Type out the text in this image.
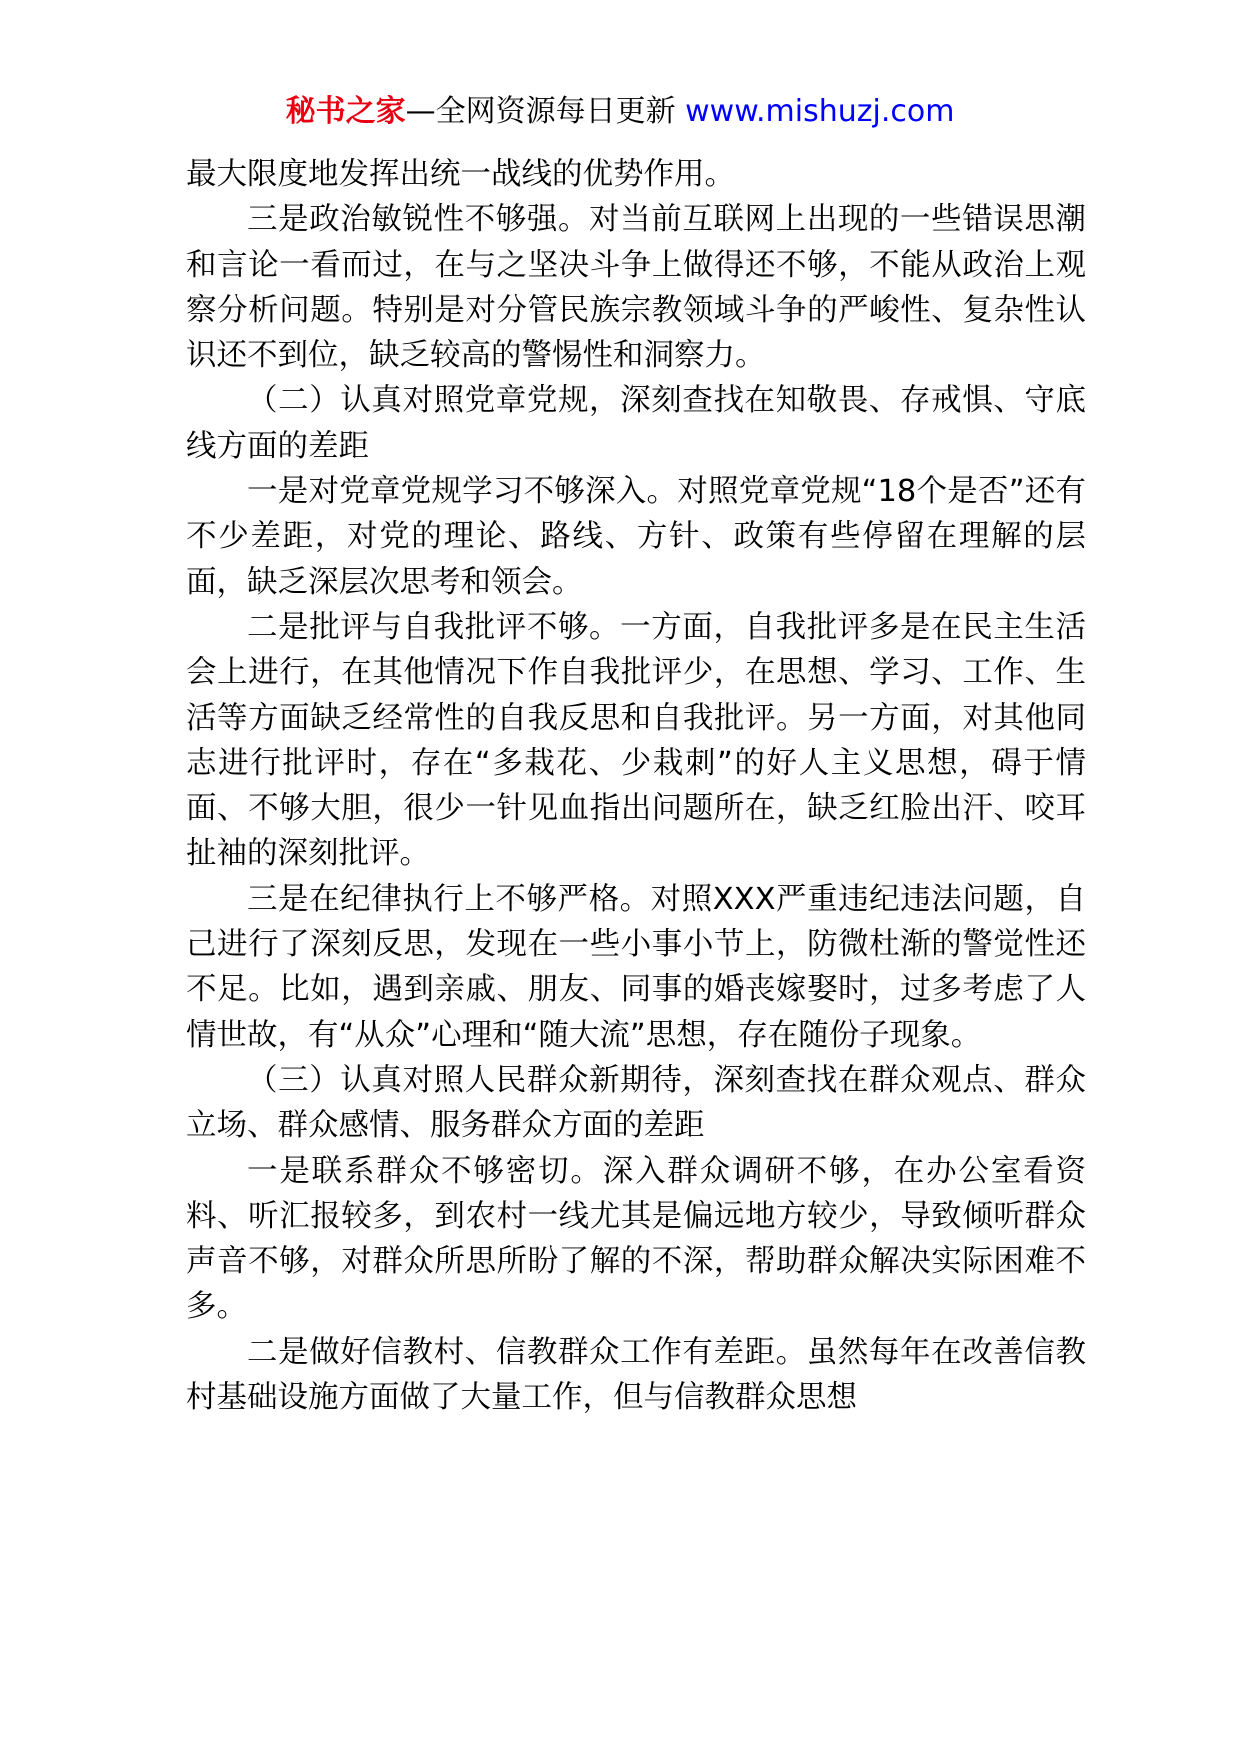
秘书之家—全网资源每日更新 www.mishuzj.com

最大限度地发挥出统一战线的优势作用。

三是政治敏锐性不够强。对当前互联网上出现的一些错误思潮和言论一看而过，在与之坚决斗争上做得还不够，不能从政治上观察分析问题。特别是对分管民族宗教领域斗争的严峻性、复杂性认识还不到位，缺乏较高的警惕性和洞察力。

（二）认真对照党章党规，深刻查找在知敬畏、存戒惧、守底线方面的差距

一是对党章党规学习不够深入。对照党章党规“18个是否”还有不少差距，对党的理论、路线、方针、政策有些停留在理解的层面，缺乏深层次思考和领会。

二是批评与自我批评不够。一方面，自我批评多是在民主生活会上进行，在其他情况下作自我批评少，在思想、学习、工作、生活等方面缺乏经常性的自我反思和自我批评。另一方面，对其他同志进行批评时，存在“多栽花、少栽刺”的好人主义思想，碍于情面、不够大胆，很少一针见血指出问题所在，缺乏红脸出汗、咬耳扯袖的深刻批评。

三是在纪律执行上不够严格。对照XXX严重违纪违法问题，自己进行了深刻反思，发现在一些小事小节上，防微杜渐的警觉性还不足。比如，遇到亲戚、朋友、同事的婚丧嫁娶时，过多考虑了人情世故，有“从众”心理和“随大流”思想，存在随份子现象。

（三）认真对照人民群众新期待，深刻查找在群众观点、群众立场、群众感情、服务群众方面的差距

一是联系群众不够密切。深入群众调研不够，在办公室看资料、听汇报较多，到农村一线尤其是偏远地方较少，导致倾听群众声音不够，对群众所思所盼了解的不深，帮助群众解决实际困难不多。

二是做好信教村、信教群众工作有差距。虽然每年在改善信教村基础设施方面做了大量工作，但与信教群众思想
